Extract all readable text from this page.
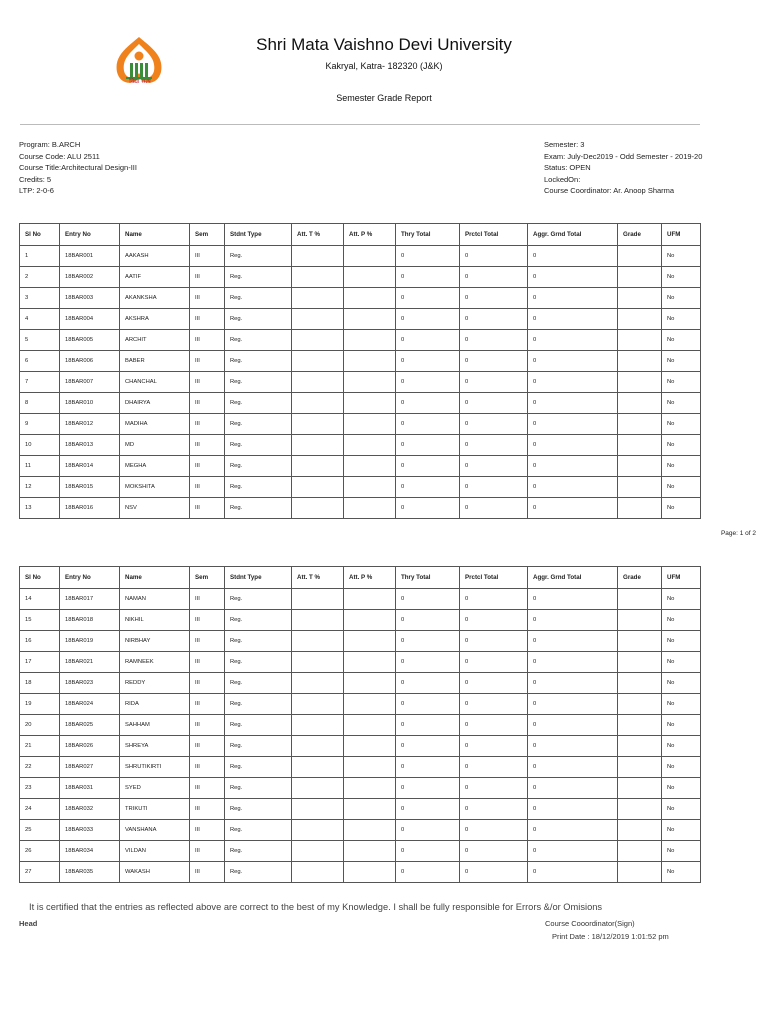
विद्या सत्य
Shri Mata Vaishno Devi University
Kakryal, Katra- 182320 (J&K)
Semester Grade Report
Program: B.ARCH
Course Code: ALU 2511
Course Title:Architectural Design-III
Credits: 5
LTP: 2-0-6
Semester: 3
Exam: July-Dec2019 - Odd Semester - 2019-20
Status: OPEN
LockedOn:
Course Coordinator: Ar. Anoop Sharma
Sl No	Entry No	Name	Sem	Stdnt Type	Att. T %	Att. P %	Thry Total	Prctcl Total	Aggr. Grnd Total	Grade	UFM
1	18BAR001	AAKASH	III	Reg.			0	0	0		No
2	18BAR002	AATIF	III	Reg.			0	0	0		No
3	18BAR003	AKANKSHA	III	Reg.			0	0	0		No
4	18BAR004	AKSHRA	III	Reg.			0	0	0		No
5	18BAR005	ARCHIT	III	Reg.			0	0	0		No
6	18BAR006	BABER	III	Reg.			0	0	0		No
7	18BAR007	CHANCHAL	III	Reg.			0	0	0		No
8	18BAR010	DHAIRYA	III	Reg.			0	0	0		No
9	18BAR012	MADIHA	III	Reg.			0	0	0		No
10	18BAR013	MD	III	Reg.			0	0	0		No
11	18BAR014	MEGHA	III	Reg.			0	0	0		No
12	18BAR015	MOKSHITA	III	Reg.			0	0	0		No
13	18BAR016	NSV	III	Reg.			0	0	0		No
Page: 1 of 2
Sl No	Entry No	Name	Sem	Stdnt Type	Att. T %	Att. P %	Thry Total	Prctcl Total	Aggr. Grnd Total	Grade	UFM
14	18BAR017	NAMAN	III	Reg.			0	0	0		No
15	18BAR018	NIKHIL	III	Reg.			0	0	0		No
16	18BAR019	NIRBHAY	III	Reg.			0	0	0		No
17	18BAR021	RAMNEEK	III	Reg.			0	0	0		No
18	18BAR023	REDDY	III	Reg.			0	0	0		No
19	18BAR024	RIDA	III	Reg.			0	0	0		No
20	18BAR025	SAHHAM	III	Reg.			0	0	0		No
21	18BAR026	SHREYA	III	Reg.			0	0	0		No
22	18BAR027	SHRUTIKIRTI	III	Reg.			0	0	0		No
23	18BAR031	SYED	III	Reg.			0	0	0		No
24	18BAR032	TRIKUTI	III	Reg.			0	0	0		No
25	18BAR033	VANSHANA	III	Reg.			0	0	0		No
26	18BAR034	VILDAN	III	Reg.			0	0	0		No
27	18BAR035	WAKASH	III	Reg.			0	0	0		No
It is certified that the entries as reflected above are correct to the best of my Knowledge. I shall be fully responsible for Errors &/or Omisions
Head	Course Cooordinator(Sign)
Print Date : 18/12/2019 1:01:52 pm
